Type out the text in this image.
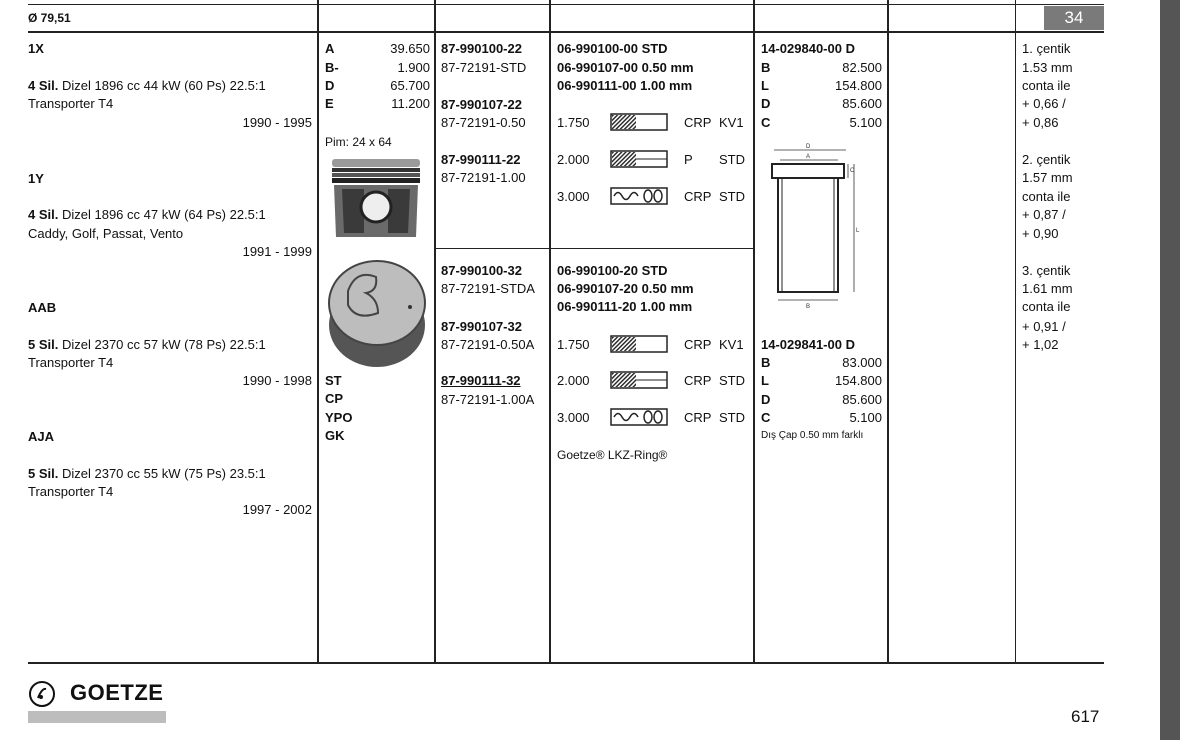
Ø 79,51	34
1X
4 Sil. Dizel 1896 cc 44 kW (60 Ps) 22.5:1
Transporter T4
1990 - 1995
1Y
4 Sil. Dizel 1896 cc 47 kW (64 Ps) 22.5:1
Caddy, Golf, Passat, Vento
1991 - 1999
AAB
5 Sil. Dizel 2370 cc 57 kW (78 Ps) 22.5:1
Transporter T4
1990 - 1998
AJA
5 Sil. Dizel 2370 cc 55 kW (75 Ps) 23.5:1
Transporter T4
1997 - 2002
A	39.650
B-	1.900
D	65.700
E	11.200
Pim: 24 x 64
ST
CP
YPO
GK
87-990100-22
87-72191-STD
87-990107-22
87-72191-0.50
87-990111-22
87-72191-1.00
87-990100-32
87-72191-STDA
87-990107-32
87-72191-0.50A
87-990111-32
87-72191-1.00A
06-990100-00 STD
06-990107-00 0.50 mm
06-990111-00 1.00 mm
1.750	CRP KV1
2.000	P STD
3.000	CRP STD
06-990100-20 STD
06-990107-20 0.50 mm
06-990111-20 1.00 mm
1.750	CRP KV1
2.000	CRP STD
3.000	CRP STD
Goetze® LKZ-Ring®
14-029840-00 D
B	82.500
L	154.800
D	85.600
C	5.100
D
A
B
L
C
14-029841-00 D
B	83.000
L	154.800
D	85.600
C	5.100
Dış Çap 0.50 mm farklı
1. çentik
1.53 mm
conta ile
+ 0,66 /
+ 0,86
2. çentik
1.57 mm
conta ile
+ 0,87 /
+ 0,90
3. çentik
1.61 mm
conta ile
+ 0,91 /
+ 1,02
GOETZE
617
